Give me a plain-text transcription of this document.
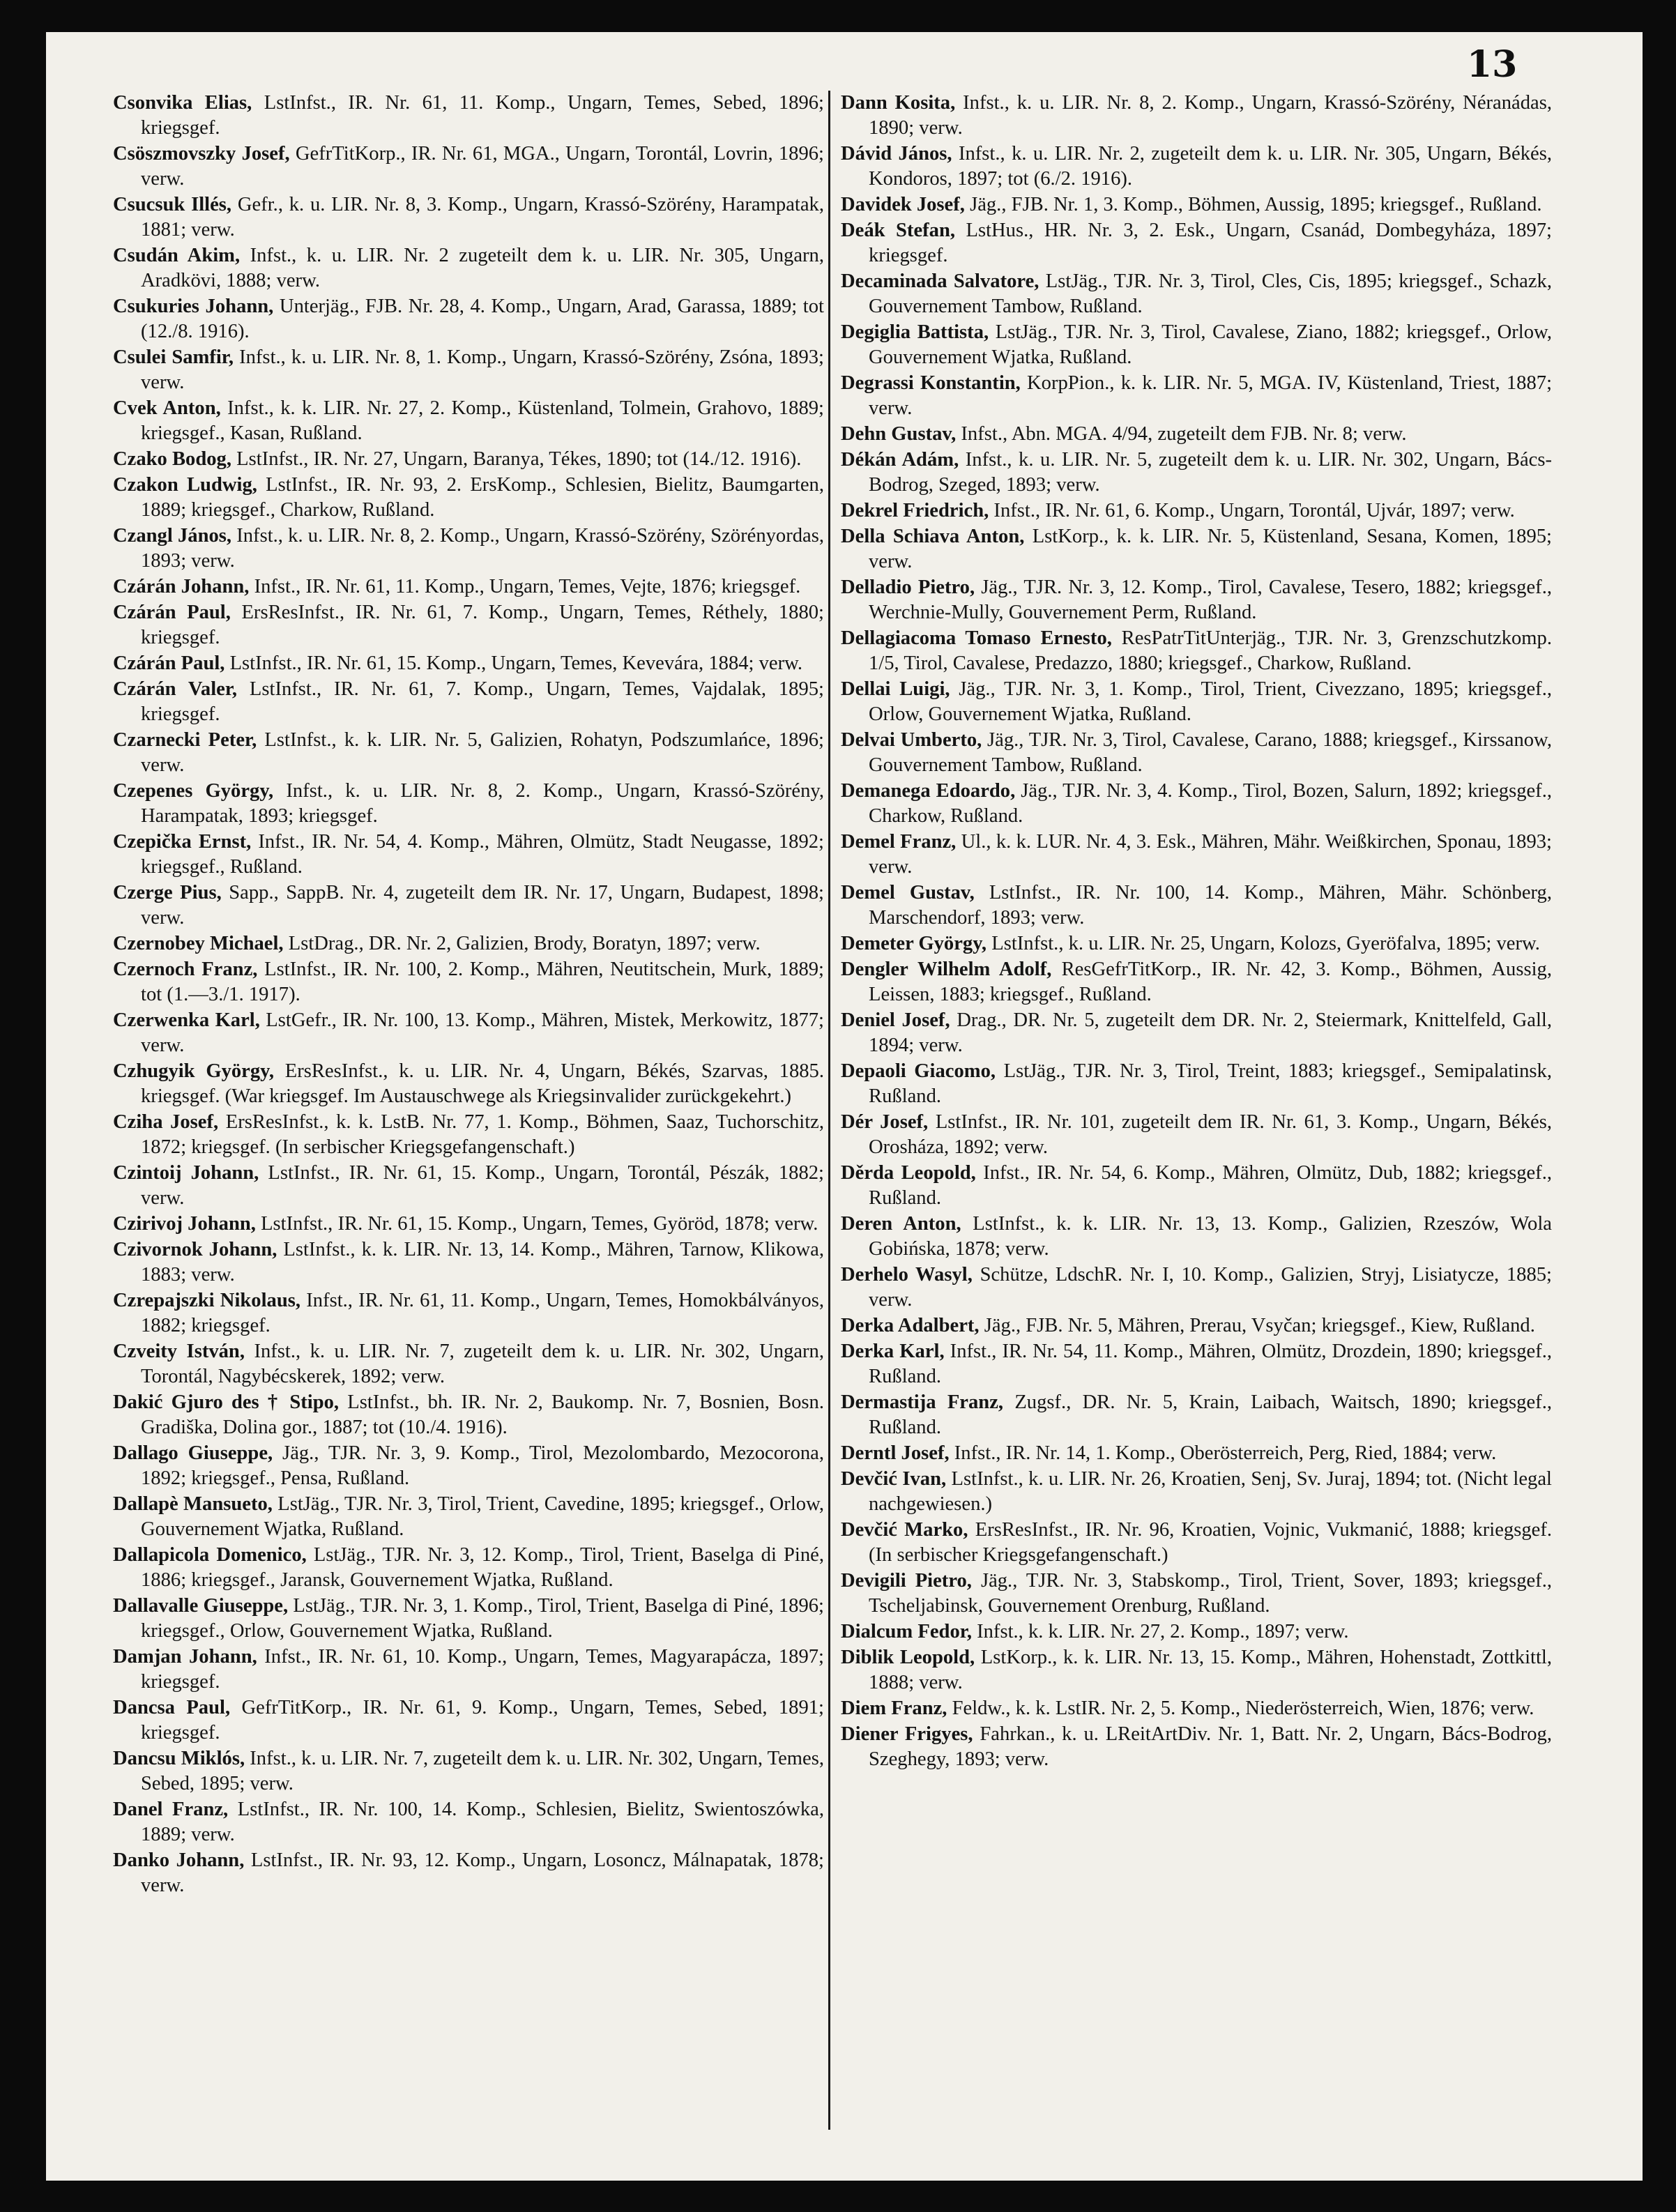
13

Csonvika Elias, LstInfst., IR. Nr. 61, 11. Komp., Ungarn, Temes, Sebed, 1896; kriegsgef.

Csöszmovszky Josef, GefrTitKorp., IR. Nr. 61, MGA., Ungarn, Torontál, Lovrin, 1896; verw.

Csucsuk Illés, Gefr., k. u. LIR. Nr. 8, 3. Komp., Ungarn, Krassó-Szörény, Harampatak, 1881; verw.

Csudán Akim, Infst., k. u. LIR. Nr. 2 zugeteilt dem k. u. LIR. Nr. 305, Ungarn, Aradkövi, 1888; verw.

Csukuries Johann, Unterjäg., FJB. Nr. 28, 4. Komp., Ungarn, Arad, Garassa, 1889; tot (12./8. 1916).

Csulei Samfir, Infst., k. u. LIR. Nr. 8, 1. Komp., Ungarn, Krassó-Szörény, Zsóna, 1893; verw.

Cvek Anton, Infst., k. k. LIR. Nr. 27, 2. Komp., Küstenland, Tolmein, Grahovo, 1889; kriegsgef., Kasan, Rußland.

Czako Bodog, LstInfst., IR. Nr. 27, Ungarn, Baranya, Tékes, 1890; tot (14./12. 1916).

Czakon Ludwig, LstInfst., IR. Nr. 93, 2. ErsKomp., Schlesien, Bielitz, Baumgarten, 1889; kriegsgef., Charkow, Rußland.

Czangl János, Infst., k. u. LIR. Nr. 8, 2. Komp., Ungarn, Krassó-Szörény, Szörényordas, 1893; verw.

Czárán Johann, Infst., IR. Nr. 61, 11. Komp., Ungarn, Temes, Vejte, 1876; kriegsgef.

Czárán Paul, ErsResInfst., IR. Nr. 61, 7. Komp., Ungarn, Temes, Réthely, 1880; kriegsgef.

Czárán Paul, LstInfst., IR. Nr. 61, 15. Komp., Ungarn, Temes, Kevevára, 1884; verw.

Czárán Valer, LstInfst., IR. Nr. 61, 7. Komp., Ungarn, Temes, Vajdalak, 1895; kriegsgef.

Czarnecki Peter, LstInfst., k. k. LIR. Nr. 5, Galizien, Rohatyn, Podszumlańce, 1896; verw.

Czepenes György, Infst., k. u. LIR. Nr. 8, 2. Komp., Ungarn, Krassó-Szörény, Harampatak, 1893; kriegsgef.

Czepička Ernst, Infst., IR. Nr. 54, 4. Komp., Mähren, Olmütz, Stadt Neugasse, 1892; kriegsgef., Rußland.

Czerge Pius, Sapp., SappB. Nr. 4, zugeteilt dem IR. Nr. 17, Ungarn, Budapest, 1898; verw.

Czernobey Michael, LstDrag., DR. Nr. 2, Galizien, Brody, Boratyn, 1897; verw.

Czernoch Franz, LstInfst., IR. Nr. 100, 2. Komp., Mähren, Neutitschein, Murk, 1889; tot (1.—3./1. 1917).

Czerwenka Karl, LstGefr., IR. Nr. 100, 13. Komp., Mähren, Mistek, Merkowitz, 1877; verw.

Czhugyik György, ErsResInfst., k. u. LIR. Nr. 4, Ungarn, Békés, Szarvas, 1885. kriegsgef. (War kriegsgef. Im Austauschwege als Kriegsinvalider zurückgekehrt.)

Cziha Josef, ErsResInfst., k. k. LstB. Nr. 77, 1. Komp., Böhmen, Saaz, Tuchorschitz, 1872; kriegsgef. (In serbischer Kriegsgefangenschaft.)

Czintoij Johann, LstInfst., IR. Nr. 61, 15. Komp., Ungarn, Torontál, Pészák, 1882; verw.

Czirivoj Johann, LstInfst., IR. Nr. 61, 15. Komp., Ungarn, Temes, Györöd, 1878; verw.

Czivornok Johann, LstInfst., k. k. LIR. Nr. 13, 14. Komp., Mähren, Tarnow, Klikowa, 1883; verw.

Czrepajszki Nikolaus, Infst., IR. Nr. 61, 11. Komp., Ungarn, Temes, Homokbálványos, 1882; kriegsgef.

Czveity István, Infst., k. u. LIR. Nr. 7, zugeteilt dem k. u. LIR. Nr. 302, Ungarn, Torontál, Nagybécskerek, 1892; verw.

Dakić Gjuro des † Stipo, LstInfst., bh. IR. Nr. 2, Baukomp. Nr. 7, Bosnien, Bosn. Gradiška, Dolina gor., 1887; tot (10./4. 1916).

Dallago Giuseppe, Jäg., TJR. Nr. 3, 9. Komp., Tirol, Mezolombardo, Mezocorona, 1892; kriegsgef., Pensa, Rußland.

Dallapè Mansueto, LstJäg., TJR. Nr. 3, Tirol, Trient, Cavedine, 1895; kriegsgef., Orlow, Gouvernement Wjatka, Rußland.

Dallapicola Domenico, LstJäg., TJR. Nr. 3, 12. Komp., Tirol, Trient, Baselga di Piné, 1886; kriegsgef., Jaransk, Gouvernement Wjatka, Rußland.

Dallavalle Giuseppe, LstJäg., TJR. Nr. 3, 1. Komp., Tirol, Trient, Baselga di Piné, 1896; kriegsgef., Orlow, Gouvernement Wjatka, Rußland.

Damjan Johann, Infst., IR. Nr. 61, 10. Komp., Ungarn, Temes, Magyarapácza, 1897; kriegsgef.

Dancsa Paul, GefrTitKorp., IR. Nr. 61, 9. Komp., Ungarn, Temes, Sebed, 1891; kriegsgef.

Dancsu Miklós, Infst., k. u. LIR. Nr. 7, zugeteilt dem k. u. LIR. Nr. 302, Ungarn, Temes, Sebed, 1895; verw.

Danel Franz, LstInfst., IR. Nr. 100, 14. Komp., Schlesien, Bielitz, Swientoszówka, 1889; verw.

Danko Johann, LstInfst., IR. Nr. 93, 12. Komp., Ungarn, Losoncz, Málnapatak, 1878; verw.

Dann Kosita, Infst., k. u. LIR. Nr. 8, 2. Komp., Ungarn, Krassó-Szörény, Néranádas, 1890; verw.

Dávid János, Infst., k. u. LIR. Nr. 2, zugeteilt dem k. u. LIR. Nr. 305, Ungarn, Békés, Kondoros, 1897; tot (6./2. 1916).

Davidek Josef, Jäg., FJB. Nr. 1, 3. Komp., Böhmen, Aussig, 1895; kriegsgef., Rußland.

Deák Stefan, LstHus., HR. Nr. 3, 2. Esk., Ungarn, Csanád, Dombegyháza, 1897; kriegsgef.

Decaminada Salvatore, LstJäg., TJR. Nr. 3, Tirol, Cles, Cis, 1895; kriegsgef., Schazk, Gouvernement Tambow, Rußland.

Degiglia Battista, LstJäg., TJR. Nr. 3, Tirol, Cavalese, Ziano, 1882; kriegsgef., Orlow, Gouvernement Wjatka, Rußland.

Degrassi Konstantin, KorpPion., k. k. LIR. Nr. 5, MGA. IV, Küstenland, Triest, 1887; verw.

Dehn Gustav, Infst., Abn. MGA. 4/94, zugeteilt dem FJB. Nr. 8; verw.

Dékán Adám, Infst., k. u. LIR. Nr. 5, zugeteilt dem k. u. LIR. Nr. 302, Ungarn, Bács-Bodrog, Szeged, 1893; verw.

Dekrel Friedrich, Infst., IR. Nr. 61, 6. Komp., Ungarn, Torontál, Ujvár, 1897; verw.

Della Schiava Anton, LstKorp., k. k. LIR. Nr. 5, Küstenland, Sesana, Komen, 1895; verw.

Delladio Pietro, Jäg., TJR. Nr. 3, 12. Komp., Tirol, Cavalese, Tesero, 1882; kriegsgef., Werchnie-Mully, Gouvernement Perm, Rußland.

Dellagiacoma Tomaso Ernesto, ResPatrTitUnterjäg., TJR. Nr. 3, Grenzschutzkomp. 1/5, Tirol, Cavalese, Predazzo, 1880; kriegsgef., Charkow, Rußland.

Dellai Luigi, Jäg., TJR. Nr. 3, 1. Komp., Tirol, Trient, Civezzano, 1895; kriegsgef., Orlow, Gouvernement Wjatka, Rußland.

Delvai Umberto, Jäg., TJR. Nr. 3, Tirol, Cavalese, Carano, 1888; kriegsgef., Kirssanow, Gouvernement Tambow, Rußland.

Demanega Edoardo, Jäg., TJR. Nr. 3, 4. Komp., Tirol, Bozen, Salurn, 1892; kriegsgef., Charkow, Rußland.

Demel Franz, Ul., k. k. LUR. Nr. 4, 3. Esk., Mähren, Mähr. Weißkirchen, Sponau, 1893; verw.

Demel Gustav, LstInfst., IR. Nr. 100, 14. Komp., Mähren, Mähr. Schönberg, Marschendorf, 1893; verw.

Demeter György, LstInfst., k. u. LIR. Nr. 25, Ungarn, Kolozs, Gyeröfalva, 1895; verw.

Dengler Wilhelm Adolf, ResGefrTitKorp., IR. Nr. 42, 3. Komp., Böhmen, Aussig, Leissen, 1883; kriegsgef., Rußland.

Deniel Josef, Drag., DR. Nr. 5, zugeteilt dem DR. Nr. 2, Steiermark, Knittelfeld, Gall, 1894; verw.

Depaoli Giacomo, LstJäg., TJR. Nr. 3, Tirol, Treint, 1883; kriegsgef., Semipalatinsk, Rußland.

Dér Josef, LstInfst., IR. Nr. 101, zugeteilt dem IR. Nr. 61, 3. Komp., Ungarn, Békés, Orosháza, 1892; verw.

Děrda Leopold, Infst., IR. Nr. 54, 6. Komp., Mähren, Olmütz, Dub, 1882; kriegsgef., Rußland.

Deren Anton, LstInfst., k. k. LIR. Nr. 13, 13. Komp., Galizien, Rzeszów, Wola Gobińska, 1878; verw.

Derhelo Wasyl, Schütze, LdschR. Nr. I, 10. Komp., Galizien, Stryj, Lisiatycze, 1885; verw.

Derka Adalbert, Jäg., FJB. Nr. 5, Mähren, Prerau, Vsyčan; kriegsgef., Kiew, Rußland.

Derka Karl, Infst., IR. Nr. 54, 11. Komp., Mähren, Olmütz, Drozdein, 1890; kriegsgef., Rußland.

Dermastija Franz, Zugsf., DR. Nr. 5, Krain, Laibach, Waitsch, 1890; kriegsgef., Rußland.

Derntl Josef, Infst., IR. Nr. 14, 1. Komp., Oberösterreich, Perg, Ried, 1884; verw.

Devčić Ivan, LstInfst., k. u. LIR. Nr. 26, Kroatien, Senj, Sv. Juraj, 1894; tot. (Nicht legal nachgewiesen.)

Devčić Marko, ErsResInfst., IR. Nr. 96, Kroatien, Vojnic, Vukmanić, 1888; kriegsgef. (In serbischer Kriegsgefangenschaft.)

Devigili Pietro, Jäg., TJR. Nr. 3, Stabskomp., Tirol, Trient, Sover, 1893; kriegsgef., Tscheljabinsk, Gouvernement Orenburg, Rußland.

Dialcum Fedor, Infst., k. k. LIR. Nr. 27, 2. Komp., 1897; verw.

Diblik Leopold, LstKorp., k. k. LIR. Nr. 13, 15. Komp., Mähren, Hohenstadt, Zottkittl, 1888; verw.

Diem Franz, Feldw., k. k. LstIR. Nr. 2, 5. Komp., Niederösterreich, Wien, 1876; verw.

Diener Frigyes, Fahrkan., k. u. LReitArtDiv. Nr. 1, Batt. Nr. 2, Ungarn, Bács-Bodrog, Szeghegy, 1893; verw.
